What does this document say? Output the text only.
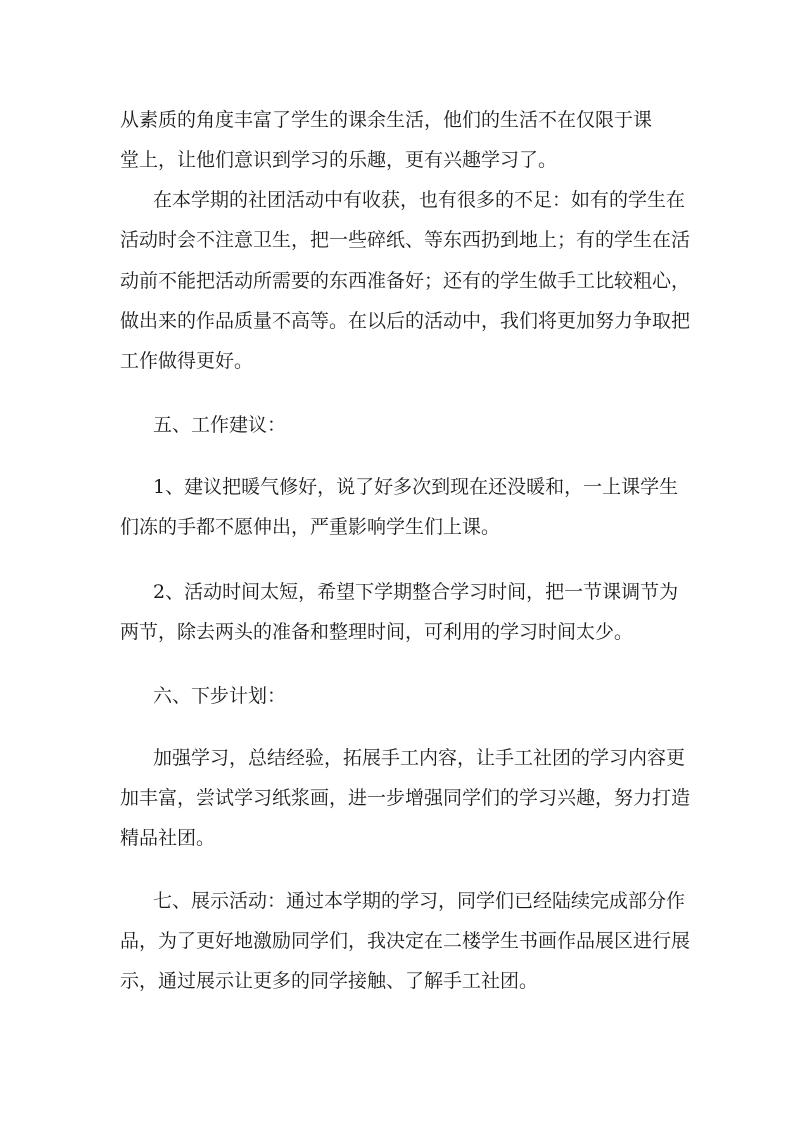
从素质的角度丰富了学生的课余生活，他们的生活不在仅限于课
堂上，让他们意识到学习的乐趣，更有兴趣学习了。
在本学期的社团活动中有收获，也有很多的不足：如有的学生在
活动时会不注意卫生，把一些碎纸、等东西扔到地上；有的学生在活
动前不能把活动所需要的东西准备好；还有的学生做手工比较粗心，
做出来的作品质量不高等。在以后的活动中，我们将更加努力争取把
工作做得更好。
五、工作建议：
1、建议把暖气修好，说了好多次到现在还没暖和，一上课学生
们冻的手都不愿伸出，严重影响学生们上课。
2、活动时间太短，希望下学期整合学习时间，把一节课调节为
两节，除去两头的准备和整理时间，可利用的学习时间太少。
六、下步计划：
加强学习，总结经验，拓展手工内容，让手工社团的学习内容更
加丰富，尝试学习纸浆画，进一步增强同学们的学习兴趣，努力打造
精品社团。
七、展示活动：通过本学期的学习，同学们已经陆续完成部分作
品，为了更好地激励同学们，我决定在二楼学生书画作品展区进行展
示，通过展示让更多的同学接触、了解手工社团。
